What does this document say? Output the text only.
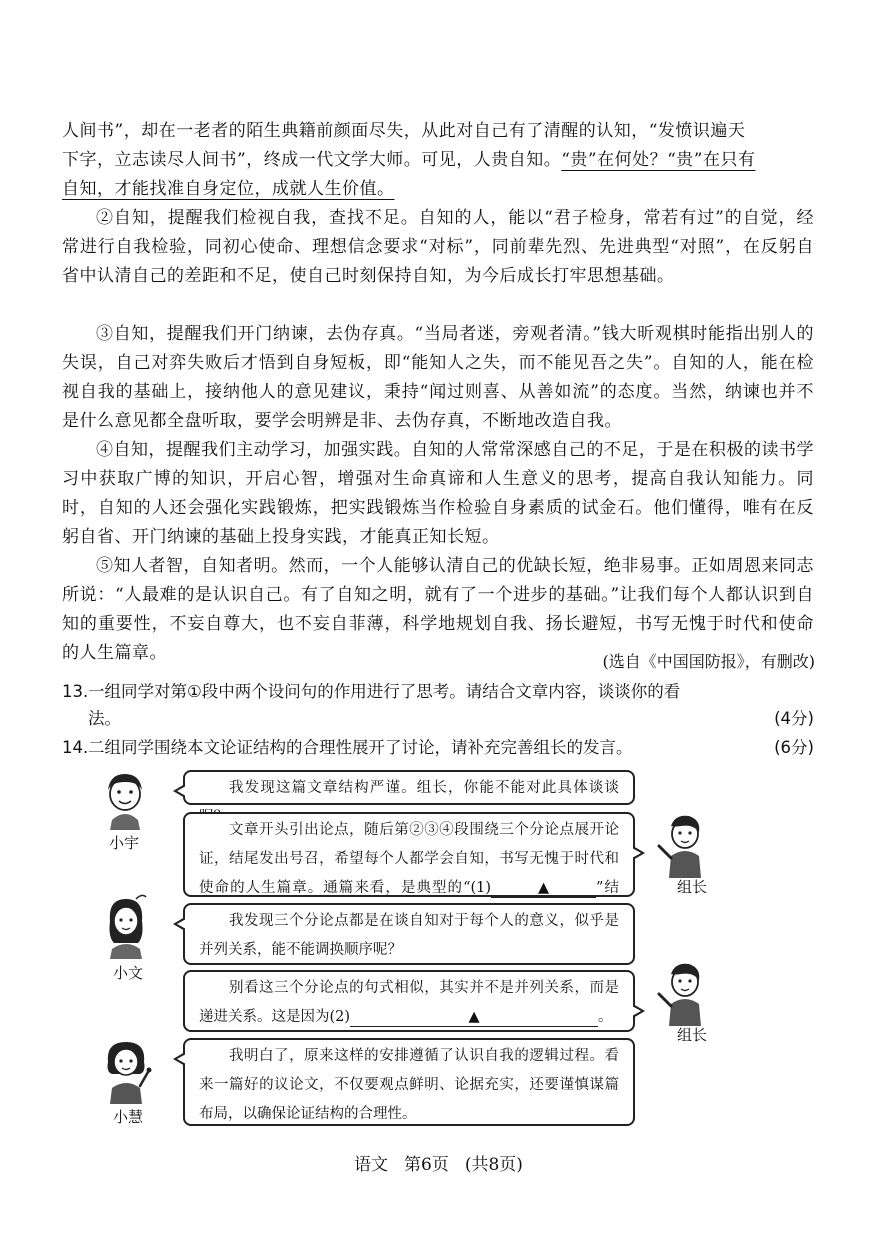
人间书”，却在一老者的陌生典籍前颜面尽失，从此对自己有了清醒的认知，“发愤识遍天
下字，立志读尽人间书”，终成一代文学大师。可见，人贵自知。“贵”在何处？“贵”在只有
自知，才能找准自身定位，成就人生价值。

②自知，提醒我们检视自我，查找不足。自知的人，能以“君子检身，常若有过”的自觉，经常进行自我检验，同初心使命、理想信念要求“对标”，同前辈先烈、先进典型“对照”，在反躬自省中认清自己的差距和不足，使自己时刻保持自知，为今后成长打牢思想基础。

③自知，提醒我们开门纳谏，去伪存真。“当局者迷，旁观者清。”钱大昕观棋时能指出别人的失误，自己对弈失败后才悟到自身短板，即“能知人之失，而不能见吾之失”。自知的人，能在检视自我的基础上，接纳他人的意见建议，秉持“闻过则喜、从善如流”的态度。当然，纳谏也并不是什么意见都全盘听取，要学会明辨是非、去伪存真，不断地改造自我。

④自知，提醒我们主动学习，加强实践。自知的人常常深感自己的不足，于是在积极的读书学习中获取广博的知识，开启心智，增强对生命真谛和人生意义的思考，提高自我认知能力。同时，自知的人还会强化实践锻炼，把实践锻炼当作检验自身素质的试金石。他们懂得，唯有在反躬自省、开门纳谏的基础上投身实践，才能真正知长短。

⑤知人者智，自知者明。然而，一个人能够认清自己的优缺长短，绝非易事。正如周恩来同志所说：“人最难的是认识自己。有了自知之明，就有了一个进步的基础。”让我们每个人都认识到自知的重要性，不妄自尊大，也不妄自菲薄，科学地规划自我、扬长避短，书写无愧于时代和使命的人生篇章。	(选自《中国国防报》，有删改)
13.一组同学对第①段中两个设问句的作用进行了思考。请结合文章内容，谈谈你的看
法。	(4分)
14.二组同学围绕本文论证结构的合理性展开了讨论，请补充完善组长的发言。	(6分)
小宇

我发现这篇文章结构严谨。组长，你能不能对此具体谈谈

文章开头引出论点，随后第②③④段围绕三个分论点展开论证，结尾发出号召，希望每个人都学会自知，书写无愧于时代和使命的人生篇章。通篇来看，是典型的“(1)	▲	”结	组长
小文

我发现三个分论点都是在谈自知对于每个人的意义，似乎是并列关系，能不能调换顺序呢？

别看这三个分论点的句式相似，其实并不是并列关系，而是递进关系。这是因为(2)	▲	。

组长
小慧

我明白了，原来这样的安排遵循了认识自我的逻辑过程。看来一篇好的议论文，不仅要观点鲜明、论据充实，还要谨慎谋篇布局，以确保论证结构的合理性。

语文 第6页 (共8页)
